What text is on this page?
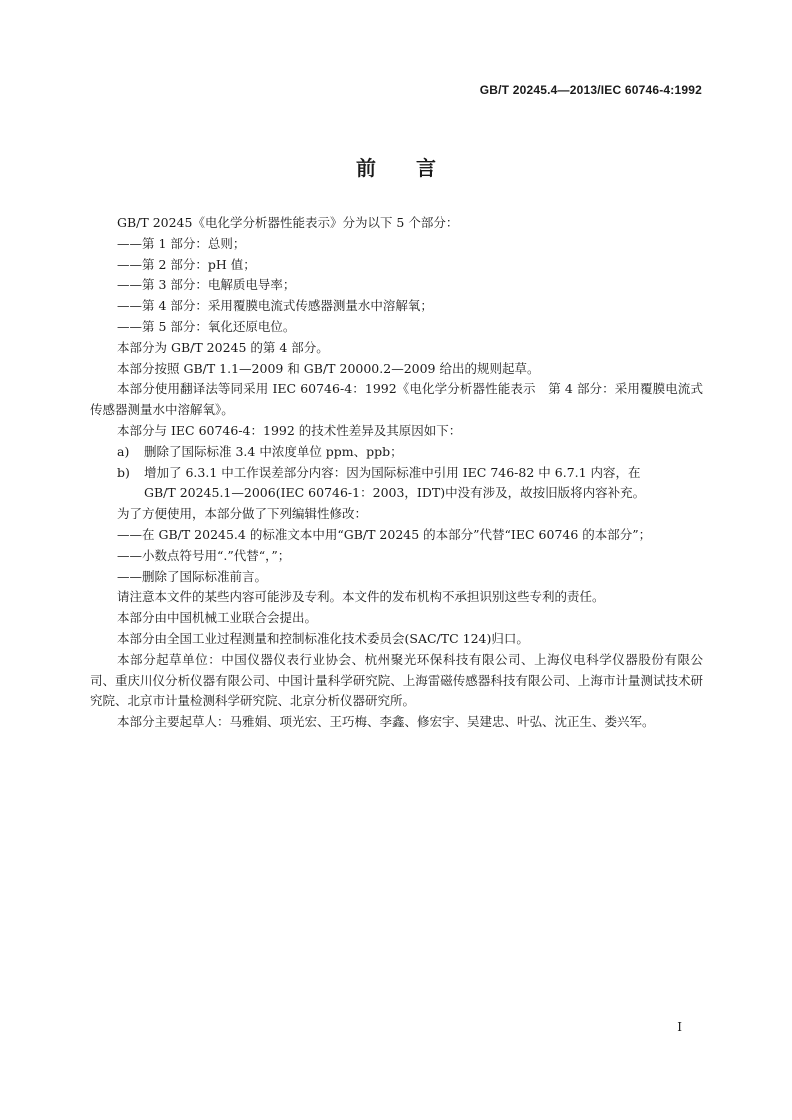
GB/T 20245.4—2013/IEC 60746-4:1992
前言

GB/T 20245《电化学分析器性能表示》分为以下 5 个部分：

——第 1 部分：总则；

——第 2 部分：pH 值；

——第 3 部分：电解质电导率；

——第 4 部分：采用覆膜电流式传感器测量水中溶解氧；

——第 5 部分：氧化还原电位。

本部分为 GB/T 20245 的第 4 部分。

本部分按照 GB/T 1.1—2009 和 GB/T 20000.2—2009 给出的规则起草。

本部分使用翻译法等同采用 IEC 60746-4：1992《电化学分析器性能表示　第 4 部分：采用覆膜电流式传感器测量水中溶解氧》。

本部分与 IEC 60746-4：1992 的技术性差异及其原因如下：

a) 删除了国际标准 3.4 中浓度单位 ppm、ppb；

b) 增加了 6.3.1 中工作误差部分内容：因为国际标准中引用 IEC 746-82 中 6.7.1 内容，在
GB/T 20245.1—2006(IEC 60746-1：2003，IDT)中没有涉及，故按旧版将内容补充。

为了方便使用，本部分做了下列编辑性修改：

——在 GB/T 20245.4 的标准文本中用“GB/T 20245 的本部分”代替“IEC 60746 的本部分”；

——小数点符号用“.”代替“，”；

——删除了国际标准前言。

请注意本文件的某些内容可能涉及专利。本文件的发布机构不承担识别这些专利的责任。

本部分由中国机械工业联合会提出。

本部分由全国工业过程测量和控制标准化技术委员会(SAC/TC 124)归口。

本部分起草单位：中国仪器仪表行业协会、杭州聚光环保科技有限公司、上海仪电科学仪器股份有限公司、重庆川仪分析仪器有限公司、中国计量科学研究院、上海雷磁传感器科技有限公司、上海市计量测试技术研究院、北京市计量检测科学研究院、北京分析仪器研究所。

本部分主要起草人：马雅娟、项光宏、王巧梅、李鑫、修宏宇、吴建忠、叶弘、沈正生、娄兴军。

I
